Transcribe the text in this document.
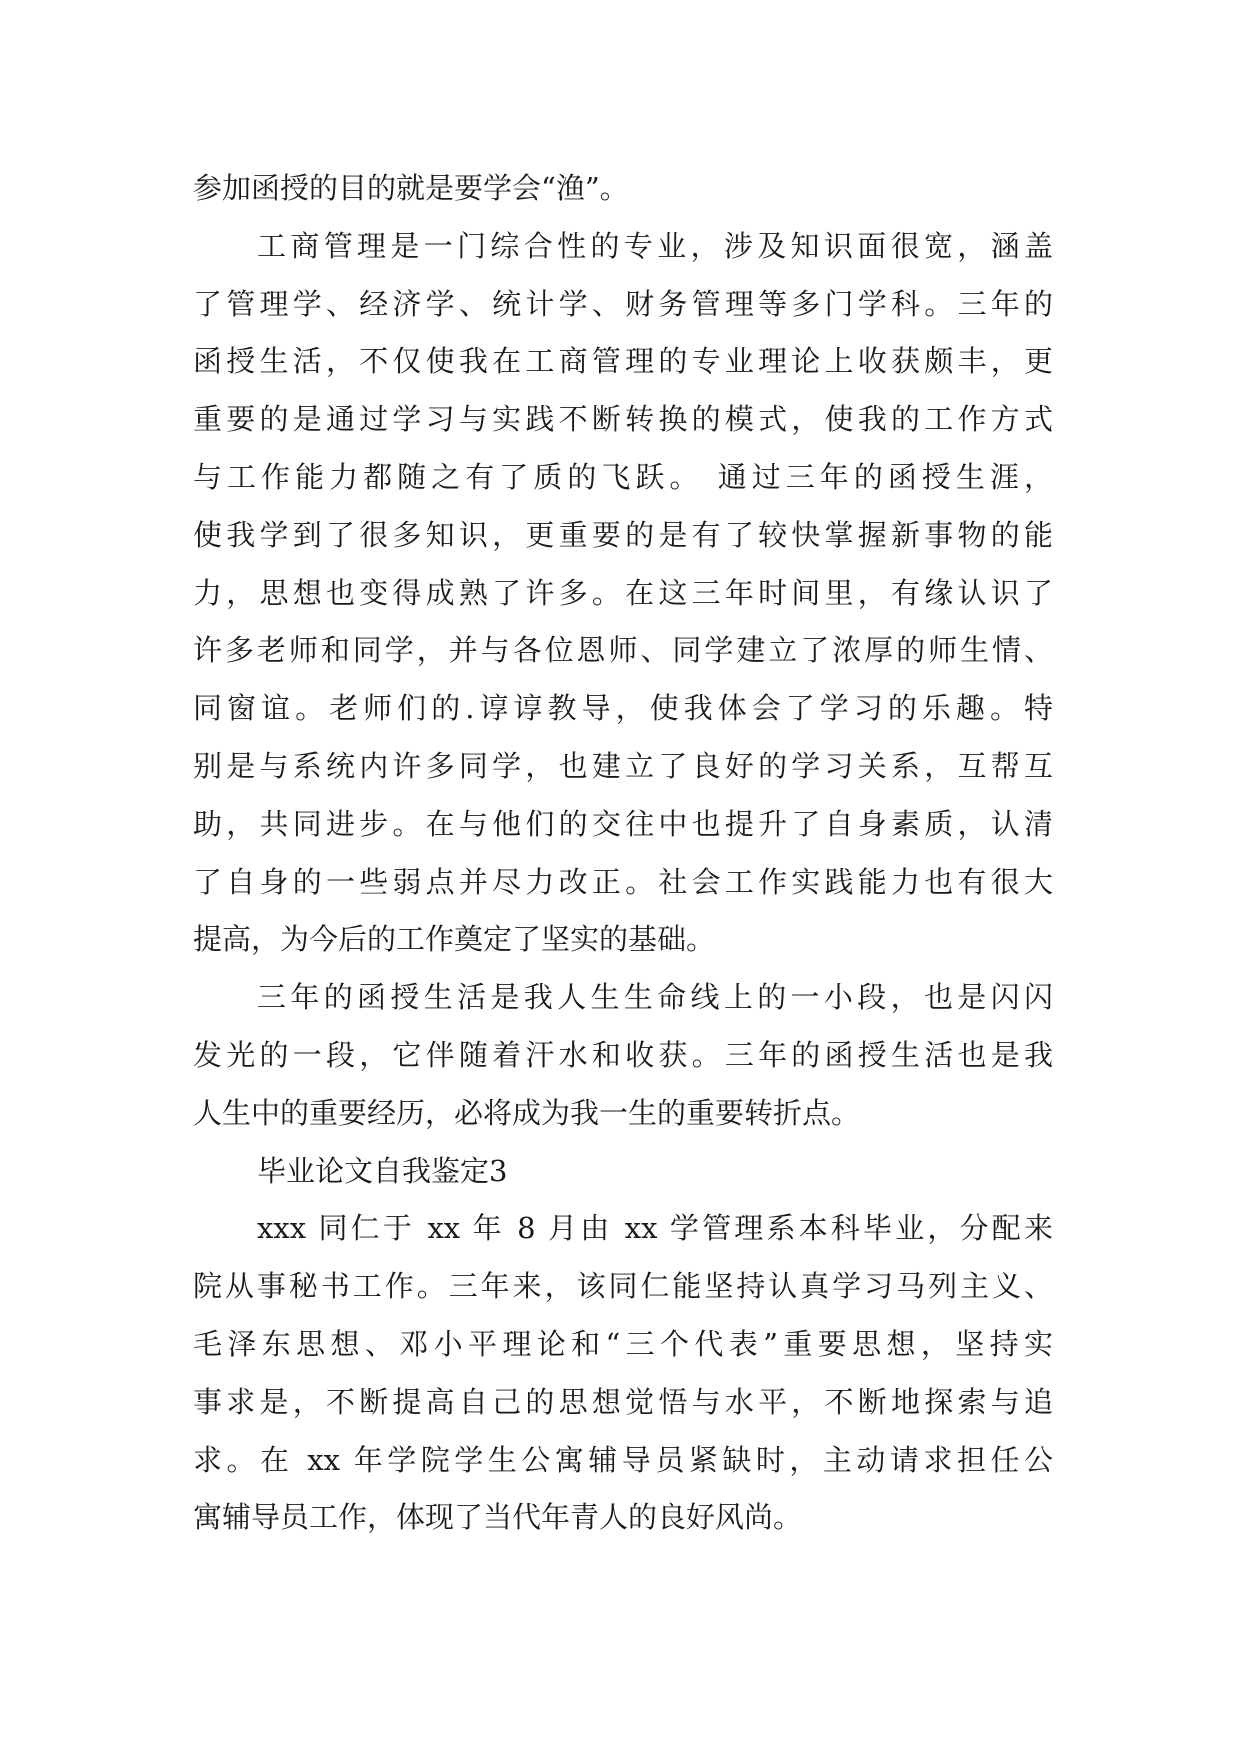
参加函授的目的就是要学会“渔”。
工商管理是一门综合性的专业，涉及知识面很宽，涵盖
了管理学、经济学、统计学、财务管理等多门学科。三年的
函授生活，不仅使我在工商管理的专业理论上收获颇丰，更
重要的是通过学习与实践不断转换的模式，使我的工作方式
与工作能力都随之有了质的飞跃。 通过三年的函授生涯，
使我学到了很多知识，更重要的是有了较快掌握新事物的能
力，思想也变得成熟了许多。在这三年时间里，有缘认识了
许多老师和同学，并与各位恩师、同学建立了浓厚的师生情、
同窗谊。老师们的.谆谆教导，使我体会了学习的乐趣。特
别是与系统内许多同学，也建立了良好的学习关系，互帮互
助，共同进步。在与他们的交往中也提升了自身素质，认清
了自身的一些弱点并尽力改正。社会工作实践能力也有很大
提高，为今后的工作奠定了坚实的基础。
三年的函授生活是我人生生命线上的一小段，也是闪闪
发光的一段，它伴随着汗水和收获。三年的函授生活也是我
人生中的重要经历，必将成为我一生的重要转折点。
毕业论文自我鉴定3
xxx 同仁于 xx 年 8 月由 xx 学管理系本科毕业，分配来
院从事秘书工作。三年来，该同仁能坚持认真学习马列主义、
毛泽东思想、邓小平理论和“三个代表”重要思想，坚持实
事求是，不断提高自己的思想觉悟与水平，不断地探索与追
求。在 xx 年学院学生公寓辅导员紧缺时，主动请求担任公
寓辅导员工作，体现了当代年青人的良好风尚。
